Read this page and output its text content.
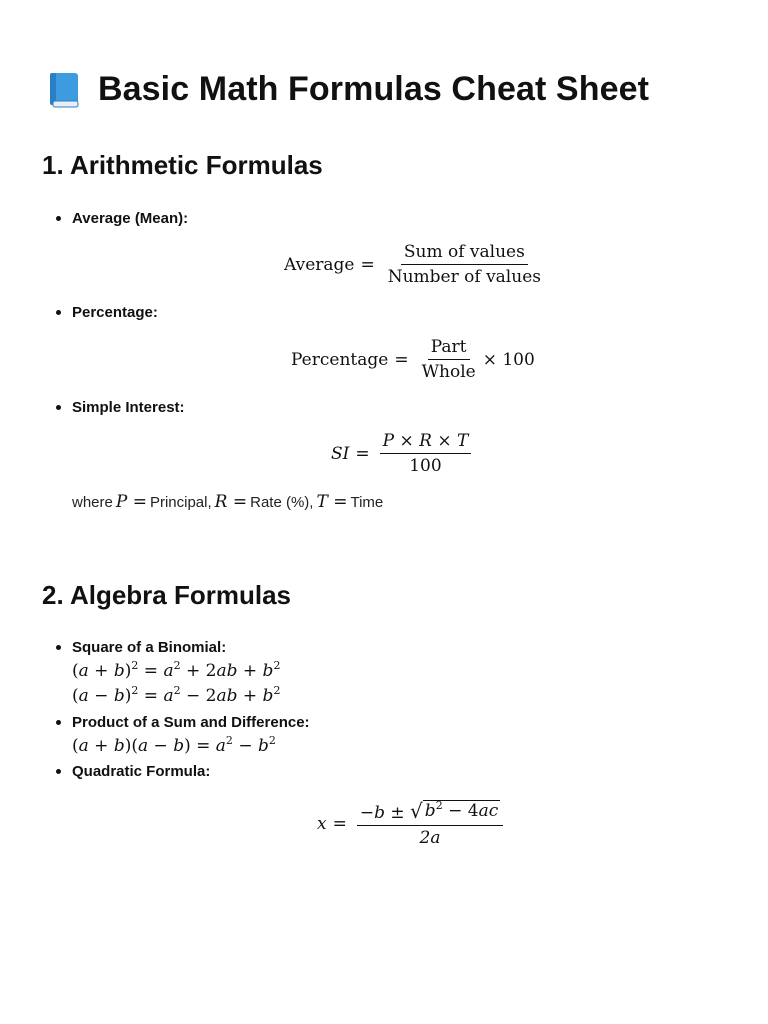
Basic Math Formulas Cheat Sheet
1. Arithmetic Formulas
Average (Mean):
Average = $\frac{\text{Sum of values}}{\text{Number of values}}$
Percentage:
Percentage = $\frac{\text{Part}}{\text{Whole}} \times 100$
Simple Interest:
SI = $\frac{P \times R \times T}{100}$
where P = Principal, R = Rate (%), T = Time
2. Algebra Formulas
Square of a Binomial:
$(a + b)^2 = a^2 + 2ab + b^2$
$(a - b)^2 = a^2 - 2ab + b^2$
Product of a Sum and Difference:
$(a + b)(a - b) = a^2 - b^2$
Quadratic Formula:
$x = \frac{-b \pm √ b^2 - 4ac}{2a}$
